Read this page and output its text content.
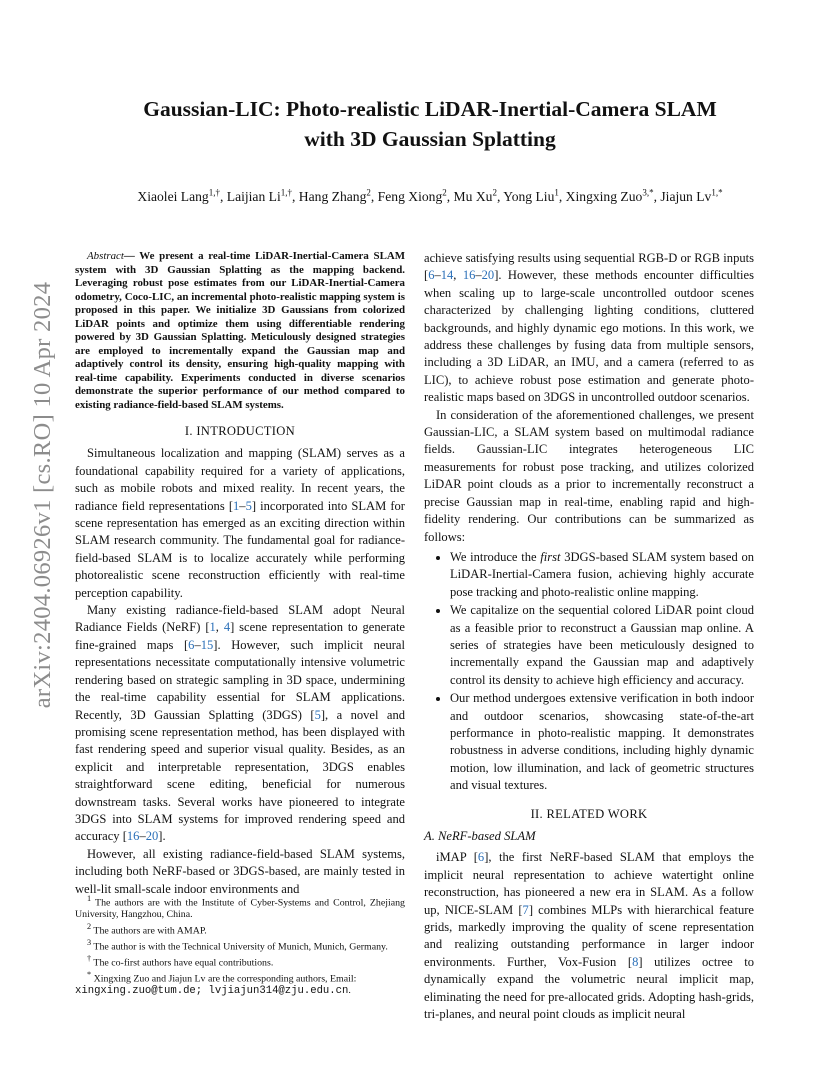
arXiv:2404.06926v1 [cs.RO] 10 Apr 2024
Gaussian-LIC: Photo-realistic LiDAR-Inertial-Camera SLAM
with 3D Gaussian Splatting
Xiaolei Lang$^{1,\dagger}$, Laijian $Li^{1,\dagger}$, Hang Zhang$^2$, Feng Xiong$^2$, Mu Xu$^2$, Yong Liu$^1$, Xingxing Zuo$^{3,*}$, Jiajun $Lv^{1,*}$

Abstract— We present a real-time LiDAR-Inertial-Camera SLAM system with 3D Gaussian Splatting as the mapping backend. Leveraging robust pose estimates from our LiDAR-Inertial-Camera odometry, Coco-LIC, an incremental photo-realistic mapping system is proposed in this paper. We initialize 3D Gaussians from colorized LiDAR points and optimize them using differentiable rendering powered by 3D Gaussian Splatting. Meticulously designed strategies are employed to incrementally expand the Gaussian map and adaptively control its density, ensuring high-quality mapping with real-time capability. Experiments conducted in diverse scenarios demonstrate the superior performance of our method compared to existing radiance-field-based SLAM systems.

I. INTRODUCTION

Simultaneous localization and mapping (SLAM) serves as a foundational capability required for a variety of applications, such as mobile robots and mixed reality. In recent years, the radiance field representations [1–5] incorporated into SLAM for scene representation has emerged as an exciting direction within SLAM research community. The fundamental goal for radiance-field-based SLAM is to localize accurately while performing photorealistic scene reconstruction efficiently with real-time perception capability.

Many existing radiance-field-based SLAM adopt Neural Radiance Fields (NeRF) [1, 4] scene representation to generate fine-grained maps [6–15]. However, such implicit neural representations necessitate computationally intensive volumetric rendering based on strategic sampling in 3D space, undermining the real-time capability essential for SLAM applications. Recently, 3D Gaussian Splatting (3DGS) [5], a novel and promising scene representation method, has been displayed with fast rendering speed and superior visual quality. Besides, as an explicit and interpretable representation, 3DGS enables straightforward scene editing, beneficial for numerous downstream tasks. Several works have pioneered to integrate 3DGS into SLAM systems for improved rendering speed and accuracy [16–20].

However, all existing radiance-field-based SLAM systems, including both NeRF-based or 3DGS-based, are mainly tested in well-lit small-scale indoor environments and

$^1$ The authors are with the Institute of Cyber-Systems and Control, Zhejiang University, Hangzhou, China.

$^2$ The authors are with AMAP.

$^3$ The author is with the Technical University of Munich, Munich, Germany.

† The co-first authors have equal contributions.

* Xingxing Zuo and Jiajun Lv are the corresponding authors, Email:
xingxing.zuo@tum.de; lvjiajun314@zju.edu.cn.

achieve satisfying results using sequential RGB-D or RGB inputs [6–14, 16–20]. However, these methods encounter difficulties when scaling up to large-scale uncontrolled outdoor scenes characterized by challenging lighting conditions, cluttered backgrounds, and highly dynamic ego motions. In this work, we address these challenges by fusing data from multiple sensors, including a 3D LiDAR, an IMU, and a camera (referred to as LIC), to achieve robust pose estimation and generate photo-realistic maps based on 3DGS in uncontrolled outdoor scenarios.

In consideration of the aforementioned challenges, we present Gaussian-LIC, a SLAM system based on multimodal radiance fields. Gaussian-LIC integrates heterogeneous LIC measurements for robust pose tracking, and utilizes colorized LiDAR point clouds as a prior to incrementally reconstruct a precise Gaussian map in real-time, enabling rapid and high-fidelity rendering. Our contributions can be summarized as follows:

• We introduce the first 3DGS-based SLAM system based on LiDAR-Inertial-Camera fusion, achieving highly accurate pose tracking and photo-realistic online mapping.
• We capitalize on the sequential colored LiDAR point cloud as a feasible prior to reconstruct a Gaussian map online. A series of strategies have been meticulously designed to incrementally expand the Gaussian map and adaptively control its density to achieve high efficiency and accuracy.
• Our method undergoes extensive verification in both indoor and outdoor scenarios, showcasing state-of-the-art performance in photo-realistic mapping. It demonstrates robustness in adverse conditions, including highly dynamic motion, low illumination, and lack of geometric structures and visual textures.
II. RELATED WORK
A. NeRF-based SLAM

iMAP [6], the first NeRF-based SLAM that employs the implicit neural representation to achieve watertight online reconstruction, has pioneered a new era in SLAM. As a follow up, NICE-SLAM [7] combines MLPs with hierarchical feature grids, markedly improving the quality of scene representation and realizing outstanding performance in larger indoor environments. Further, Vox-Fusion [8] utilizes octree to dynamically expand the volumetric neural implicit map, eliminating the need for pre-allocated grids. Adopting hash-grids, tri-planes, and neural point clouds as implicit neural
